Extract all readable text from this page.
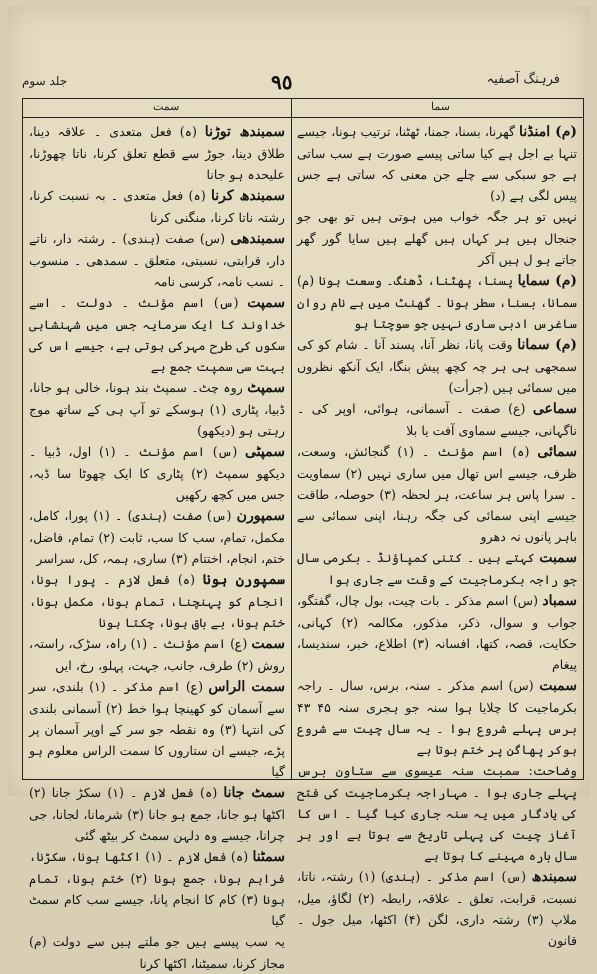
فرہنگ آصفیہ
٩٥
جلد سوم
سمت	سما

(م) امنڈنا گھرنا، بسنا، جمنا، ٹھٹنا، ترتیب ہونا، جیسے تنہا بے اجل ہے کیا ساتی پیسے صورت ہے سب ساتی ہے جو سبکی سے چلے جن معنی کہ ساتی ہے جس پیس لگی ہے (د)

نہیں تو ہر جگہ خواب میں ہوتی ہیں تو بھی جو جنجال ہیں ہر کہاں ہیں گھلے ہیں سایا گور گھر جاتے ہو ل ہیں آکر

(م) سمایا پسنا، پھٹنا، ڈھنگ۔ وسعت ہونا (م) سمانا، بسنا، سطر ہونا ۔ گھنٹ میں ہے نام روان ساغرس ادبی ساری نہیں جو سوچتا ہو

(م) سمانا وقت پانا، نظر آنا، پسند آنا ۔ شام کو کی سمجھی ہی ہر چہ کچھ پیش بنگا، ایک آنکھ نظروں میں سمائی ہیں (جرأت)

سماعی (ع) صفت ۔ آسمانی، ہوائی، اوپر کی ۔ ناگہانی، جیسے سماوی آفت یا بلا

سمائی (ہ) اسم مؤنث ۔ (۱) گنجائش، وسعت، ظرف، جیسے اس تھال میں ساری نہیں (۲) سماویت ۔ سرا پاس ہر ساعت، ہر لحظہ (۳) حوصلہ، طاقت جیسے اپنی سمائی کی جگہ رہنا، اپنی سمائی سے باہر پانوں نہ دھرو

سمبت کہتے ہیں ۔ کتنی کمپاؤنڈ ۔ بکرمی سال جو راجہ بکرماجیت کے وقت سے جاری ہوا

سمباد (س) اسم مذکر ۔ بات چیت، بول چال، گفتگو، جواب و سوال، ذکر، مذکور، مکالمہ (۲) کہانی، حکایت، قصہ، کتھا، افسانہ (۳) اطلاع، خبر، سندیسا، پیغام

سمبت (س) اسم مذکر ۔ سنہ، برس، سال ۔ راجہ بکرماجیت کا چلایا ہوا سنہ جو ہجری سنہ ۴۵ ۴۳ برس پہلے شروع ہوا ۔ یہ سال چیت سے شروع ہوکر پھاگن پر ختم ہوتا ہے

وضاحت: سمبت سنہ عیسوی سے ستاون برس پہلے جاری ہوا ۔ مہاراجہ بکرماجیت کی فتح کی یادگار میں یہ سنہ جاری کیا گیا ۔ اس کا آغاز چیت کی پہلی تاریخ سے ہوتا ہے اور ہر سال بارہ مہینے کا ہوتا ہے

سمبندھ (س) اسم مذکر ۔ (ہندی) (۱) رشتہ، ناتا، نسبت، قرابت، تعلق ۔ علاقہ، رابطہ (۲) لگاؤ، میل، ملاپ (۳) رشتہ داری، لگن (۴) اکٹھا، میل جول ۔ قانون

سمبندھ توڑنا (ہ) فعل متعدی ۔ علاقہ دینا، طلاق دینا، جوڑ سے قطع تعلق کرنا، ناتا چھوڑنا، علیحدہ ہو جانا

سمبندھ کرنا (ہ) فعل متعدی ۔ بہ نسبت کرنا، رشتہ ناتا کرنا، منگنی کرنا

سمبندھی (س) صفت (ہندی) ۔ رشتہ دار، ناتے دار، قرابتی، نسبتی، متعلق ۔ سمدھی ۔ منسوب ۔ نسب نامہ، کرسی نامہ

سمپت (س) اسم مؤنث ۔ دولت ۔ اسے خداوند کا ایک سرمایہ جس میں شہنشاہی سکوں کی طرح مہرکی ہوتی ہے، جیسے اس کی بہت سی سمپت جمع ہے

سمپٹ روہ چٹ۔ سمپٹ بند ہونا، خالی ہو جانا، ڈبیا، پٹاری (۱) ہوسکے تو آپ ہی کے ساتھ موج رہتی ہو (دیکھو)

سمپٹی (س) اسم مؤنث ۔ (۱) اول، ڈبیا ۔ دیکھو سمپٹ (۲) پٹاری کا ایک چھوٹا سا ڈبہ، جس میں کچھ رکھیں

سمپورن (س) صفت (ہندی) ۔ (۱) پورا، کامل، مکمل، تمام، سب کا سب، ثابت (۲) تمام، فاضل، ختم، انجام، اختتام (۳) ساری، ہمہ، کل، سراسر

سمپورن ہونا (ہ) فعل لازم ۔ پورا ہونا، انجام کو پہنچنا، تمام ہونا، مکمل ہونا، ختم ہونا، بے باق ہونا، چکتا ہونا

سمت (ع) اسم مؤنث ۔ (۱) راہ، سڑک، راستہ، روش (۲) طرف، جانب، جہت، پہلو، رخ، ایں

سمت الراس (ع) اسم مذکر ۔ (۱) بلندی، سر سے آسمان کو کھینچا ہوا خط (۲) آسمانی بلندی کی انتہا (۳) وہ نقطہ جو سر کے اوپر آسمان پر پڑے، جیسے ان ستاروں کا سمت الراس معلوم ہو گیا

سمٹ جانا (ہ) فعل لازم ۔ (۱) سکڑ جانا (۲) اکٹھا ہو جانا، جمع ہو جانا (۳) شرمانا، لجانا، جی چرانا، جیسے وہ دلہن سمٹ کر بیٹھ گئی

سمٹنا (ہ) فعل لازم ۔ (۱) اکٹھا ہونا، سکڑنا، فراہم ہونا، جمع ہونا (۲) ختم ہونا، تمام ہونا (۳) کام کا انجام پانا، جیسے سب کام سمٹ گیا

یہ سب پیسے ہیں جو ملتے ہیں سے دولت (م) مجاز کرنا، سمیٹنا، اکٹھا کرنا
